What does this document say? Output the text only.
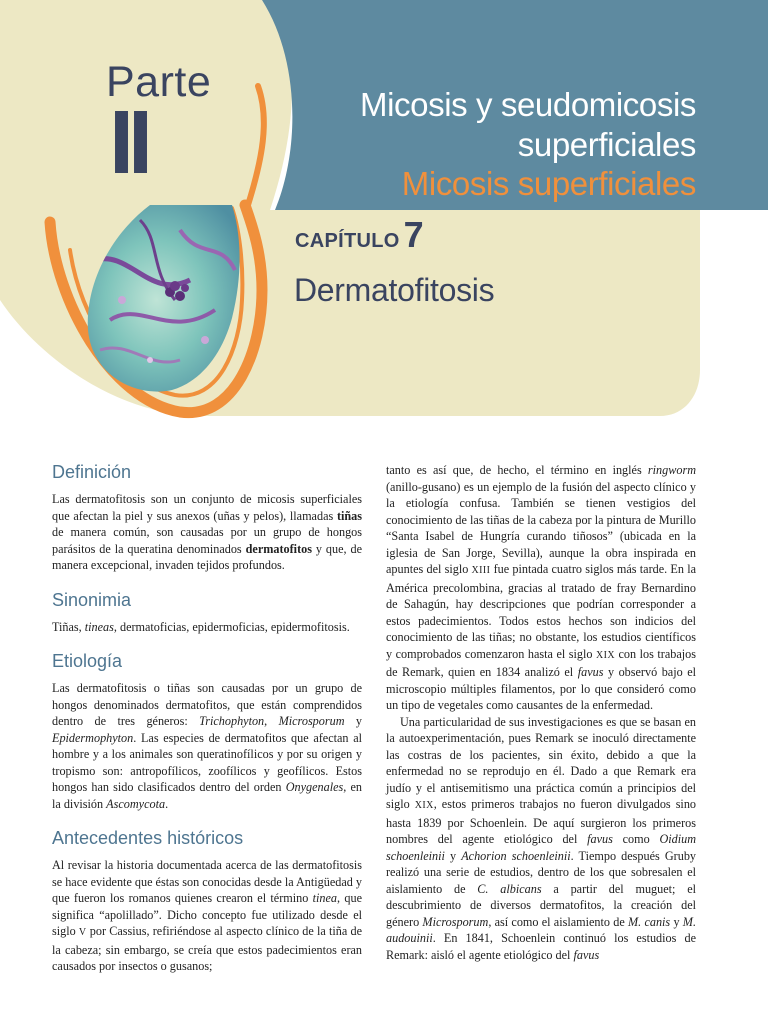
Parte
II	Micosis y seudomicosis
superficiales
Micosis superficiales
CAPÍTULO 7
Dermatofitosis
Definición

Las dermatofitosis son un conjunto de micosis superficiales que afectan la piel y sus anexos (uñas y pelos), llamadas tiñas de manera común, son causadas por un grupo de hongos parásitos de la queratina denominados dermatofitos y que, de manera excepcional, invaden tejidos profundos.

Sinonimia

Tiñas, tineas, dermatoficias, epidermoficias, epidermofitosis.

Etiología

Las dermatofitosis o tiñas son causadas por un grupo de hongos denominados dermatofitos, que están comprendidos dentro de tres géneros: Trichophyton, Microsporum y Epidermophyton. Las especies de dermatofitos que afectan al hombre y a los animales son queratinofílicos y por su origen y tropismo son: antropofílicos, zoofílicos y geofílicos. Estos hongos han sido clasificados dentro del orden Onygenales, en la división Ascomycota.

Antecedentes históricos

Al revisar la historia documentada acerca de las dermatofitosis se hace evidente que éstas son conocidas desde la Antigüedad y que fueron los romanos quienes crearon el término tinea, que significa “apolillado”. Dicho concepto fue utilizado desde el siglo V por Cassius, refiriéndose al aspecto clínico de la tiña de la cabeza; sin embargo, se creía que estos padecimientos eran causados por insectos o gusanos;

tanto es así que, de hecho, el término en inglés ringworm (anillo-gusano) es un ejemplo de la fusión del aspecto clínico y la etiología confusa. También se tienen vestigios del conocimiento de las tiñas de la cabeza por la pintura de Murillo “Santa Isabel de Hungría curando tiñosos” (ubicada en la iglesia de San Jorge, Sevilla), aunque la obra inspirada en apuntes del siglo XIII fue pintada cuatro siglos más tarde. En la América precolombina, gracias al tratado de fray Bernardino de Sahagún, hay descripciones que podrían corresponder a estos padecimientos. Todos estos hechos son indicios del conocimiento de las tiñas; no obstante, los estudios científicos y comprobados comenzaron hasta el siglo XIX con los trabajos de Remark, quien en 1834 analizó el favus y observó bajo el microscopio múltiples filamentos, por lo que consideró como un tipo de vegetales como causantes de la enfermedad.

Una particularidad de sus investigaciones es que se basan en la autoexperimentación, pues Remark se inoculó directamente las costras de los pacientes, sin éxito, debido a que la enfermedad no se reprodujo en él. Dado a que Remark era judío y el antisemitismo una práctica común a principios del siglo XIX, estos primeros trabajos no fueron divulgados sino hasta 1839 por Schoenlein. De aquí surgieron los primeros nombres del agente etiológico del favus como Oidium schoenleinii y Achorion schoenleinii. Tiempo después Gruby realizó una serie de estudios, dentro de los que sobresalen el aislamiento de C. albicans a partir del muguet; el descubrimiento de diversos dermatofitos, la creación del género Microsporum, así como el aislamiento de M. canis y M. audouinii. En 1841, Schoenlein continuó los estudios de Remark: aisló el agente etiológico del favus
